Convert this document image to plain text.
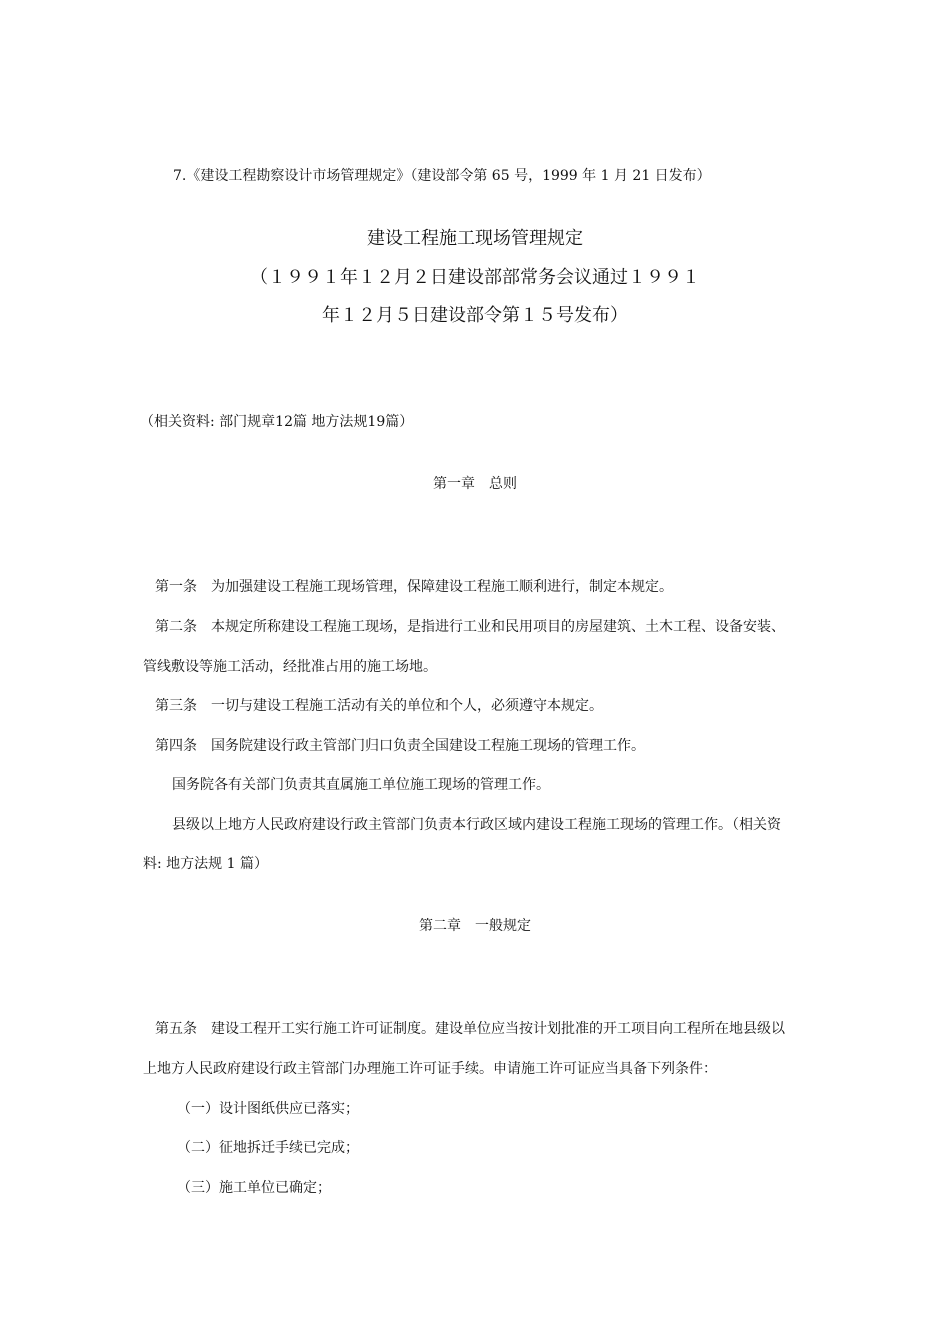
7.《建设工程勘察设计市场管理规定》（建设部令第 65 号，1999 年 1 月 21 日发布）
建设工程施工现场管理规定
（１９９１年１２月２日建设部部常务会议通过１９９１
年１２月５日建设部令第１５号发布）
（相关资料: 部门规章12篇 地方法规19篇）
第一章　总则
第一条　为加强建设工程施工现场管理，保障建设工程施工顺利进行，制定本规定。
第二条　本规定所称建设工程施工现场，是指进行工业和民用项目的房屋建筑、土木工程、设备安装、
管线敷设等施工活动，经批准占用的施工场地。
第三条　一切与建设工程施工活动有关的单位和个人，必须遵守本规定。
第四条　国务院建设行政主管部门归口负责全国建设工程施工现场的管理工作。
国务院各有关部门负责其直属施工单位施工现场的管理工作。
县级以上地方人民政府建设行政主管部门负责本行政区域内建设工程施工现场的管理工作。（相关资
料: 地方法规 1 篇）
第二章　一般规定
第五条　建设工程开工实行施工许可证制度。建设单位应当按计划批准的开工项目向工程所在地县级以
上地方人民政府建设行政主管部门办理施工许可证手续。申请施工许可证应当具备下列条件：
（一）设计图纸供应已落实；
（二）征地拆迁手续已完成；
（三）施工单位已确定；
